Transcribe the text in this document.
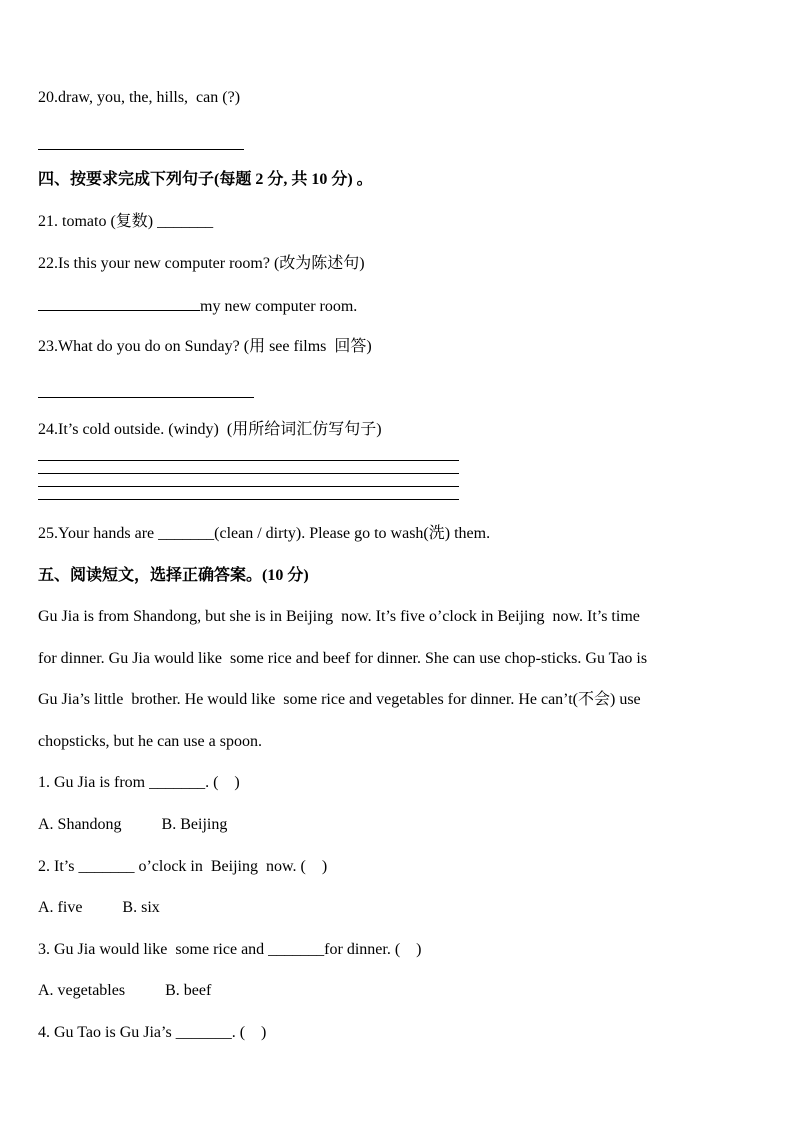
20.draw, you, the, hills,  can (?)
四、按要求完成下列句子(每题 2 分, 共 10 分) 。
21. tomato (复数) _______
22.Is this your new computer room? (改为陈述句)
my new computer room.
23.What do you do on Sunday? (用 see films  回答)
24.It’s cold outside. (windy)  (用所给词汇仿写句子)
25.Your hands are _______(clean / dirty). Please go to wash(洗) them.
五、阅读短文，选择正确答案。(10 分)
Gu Jia is from Shandong, but she is in Beijing  now. It’s five o’clock in Beijing  now. It’s time
for dinner. Gu Jia would like  some rice and beef for dinner. She can use chop-sticks. Gu Tao is
Gu Jia’s little  brother. He would like  some rice and vegetables for dinner. He can’t(不会) use
chopsticks, but he can use a spoon.
1. Gu Jia is from _______. (    )
A. Shandong          B. Beijing
2. It’s _______ o’clock in  Beijing  now. (    )
A. five          B. six
3. Gu Jia would like  some rice and _______for dinner. (    )
A. vegetables          B. beef
4. Gu Tao is Gu Jia’s _______. (    )
